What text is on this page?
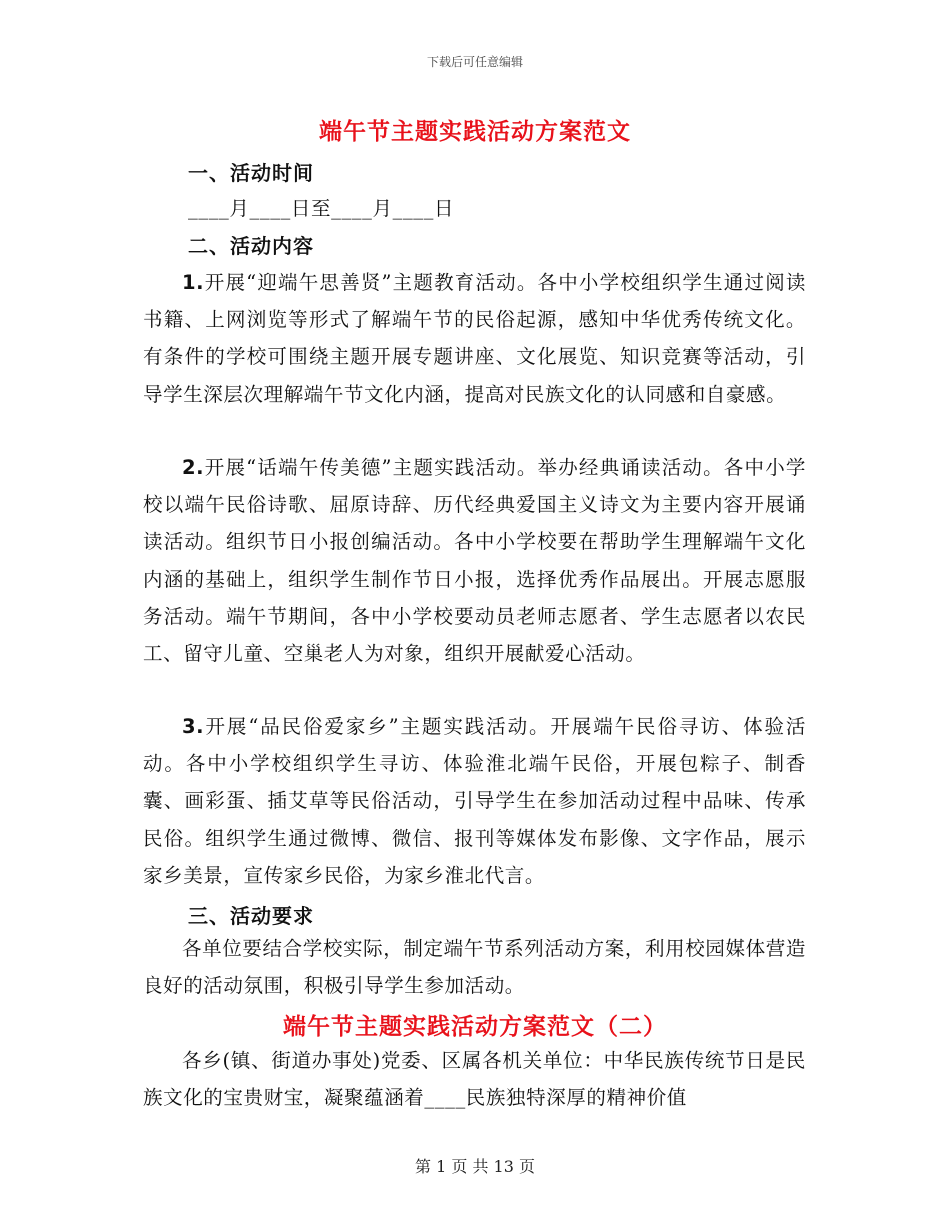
下载后可任意编辑
端午节主题实践活动方案范文
一、活动时间
____月____日至____月____日
二、活动内容
1.开展“迎端午思善贤”主题教育活动。各中小学校组织学生通过阅读书籍、上网浏览等形式了解端午节的民俗起源，感知中华优秀传统文化。有条件的学校可围绕主题开展专题讲座、文化展览、知识竞赛等活动，引导学生深层次理解端午节文化内涵，提高对民族文化的认同感和自豪感。
2.开展“话端午传美德”主题实践活动。举办经典诵读活动。各中小学校以端午民俗诗歌、屈原诗辞、历代经典爱国主义诗文为主要内容开展诵读活动。组织节日小报创编活动。各中小学校要在帮助学生理解端午文化内涵的基础上，组织学生制作节日小报，选择优秀作品展出。开展志愿服务活动。端午节期间，各中小学校要动员老师志愿者、学生志愿者以农民工、留守儿童、空巢老人为对象，组织开展献爱心活动。
3.开展“品民俗爱家乡”主题实践活动。开展端午民俗寻访、体验活动。各中小学校组织学生寻访、体验淮北端午民俗，开展包粽子、制香囊、画彩蛋、插艾草等民俗活动，引导学生在参加活动过程中品味、传承民俗。组织学生通过微博、微信、报刊等媒体发布影像、文字作品，展示家乡美景，宣传家乡民俗，为家乡淮北代言。
三、活动要求
各单位要结合学校实际，制定端午节系列活动方案，利用校园媒体营造良好的活动氛围，积极引导学生参加活动。
端午节主题实践活动方案范文（二）
各乡(镇、街道办事处)党委、区属各机关单位：中华民族传统节日是民族文化的宝贵财宝，凝聚蕴涵着____民族独特深厚的精神价值
第 1 页 共 13 页
